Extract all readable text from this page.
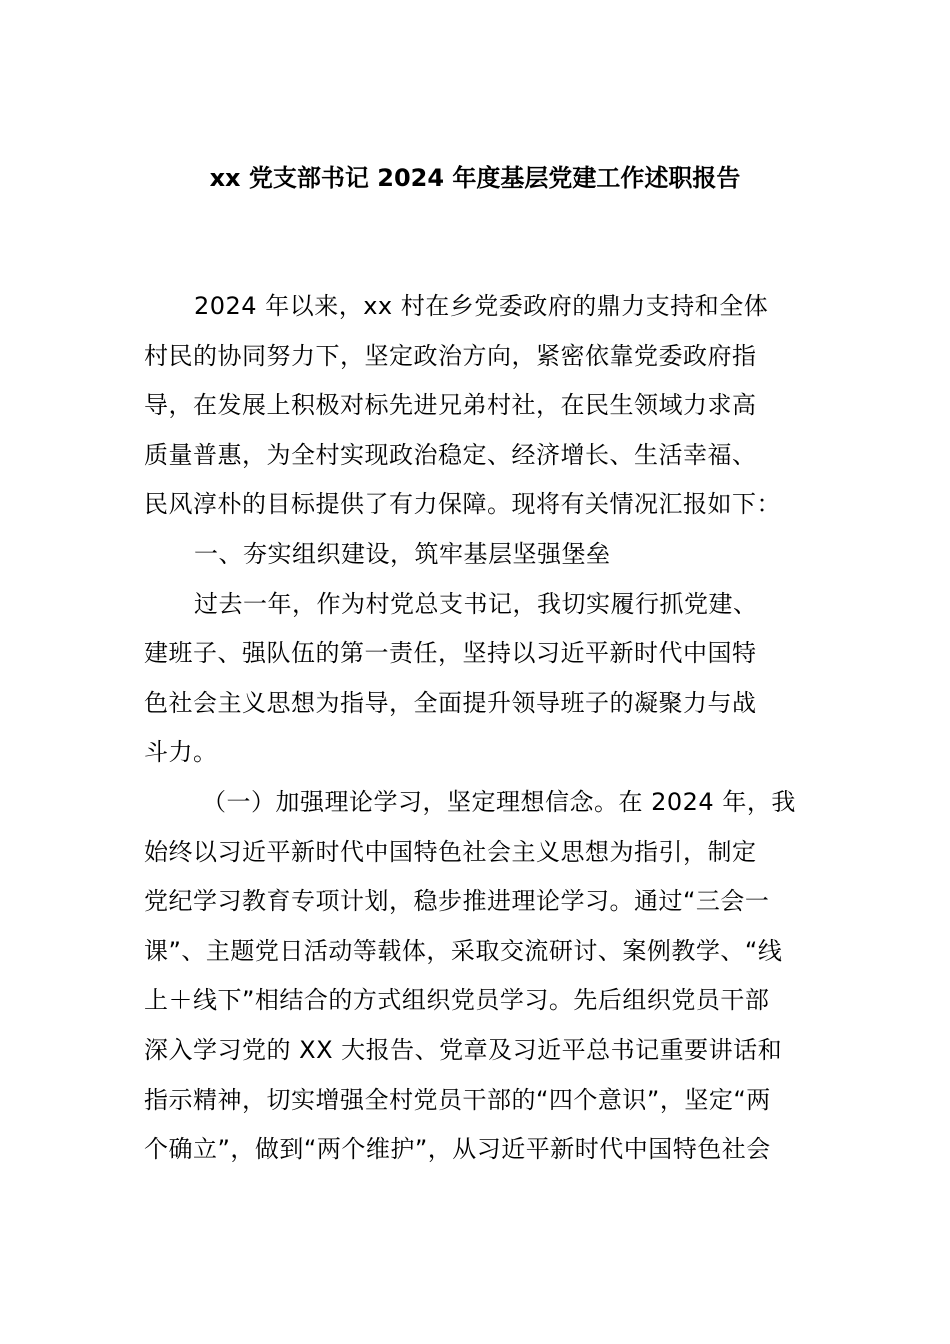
xx 党支部书记 2024 年度基层党建工作述职报告
2024 年以来，xx 村在乡党委政府的鼎力支持和全体
村民的协同努力下，坚定政治方向，紧密依靠党委政府指
导，在发展上积极对标先进兄弟村社，在民生领域力求高
质量普惠，为全村实现政治稳定、经济增长、生活幸福、
民风淳朴的目标提供了有力保障。现将有关情况汇报如下：
一、夯实组织建设，筑牢基层坚强堡垒
过去一年，作为村党总支书记，我切实履行抓党建、
建班子、强队伍的第一责任，坚持以习近平新时代中国特
色社会主义思想为指导，全面提升领导班子的凝聚力与战
斗力。
（一）加强理论学习，坚定理想信念。在 2024 年，我
始终以习近平新时代中国特色社会主义思想为指引，制定
党纪学习教育专项计划，稳步推进理论学习。通过“三会一
课”、主题党日活动等载体，采取交流研讨、案例教学、“线
上＋线下”相结合的方式组织党员学习。先后组织党员干部
深入学习党的 XX 大报告、党章及习近平总书记重要讲话和
指示精神，切实增强全村党员干部的“四个意识”，坚定“两
个确立”，做到“两个维护”，从习近平新时代中国特色社会
